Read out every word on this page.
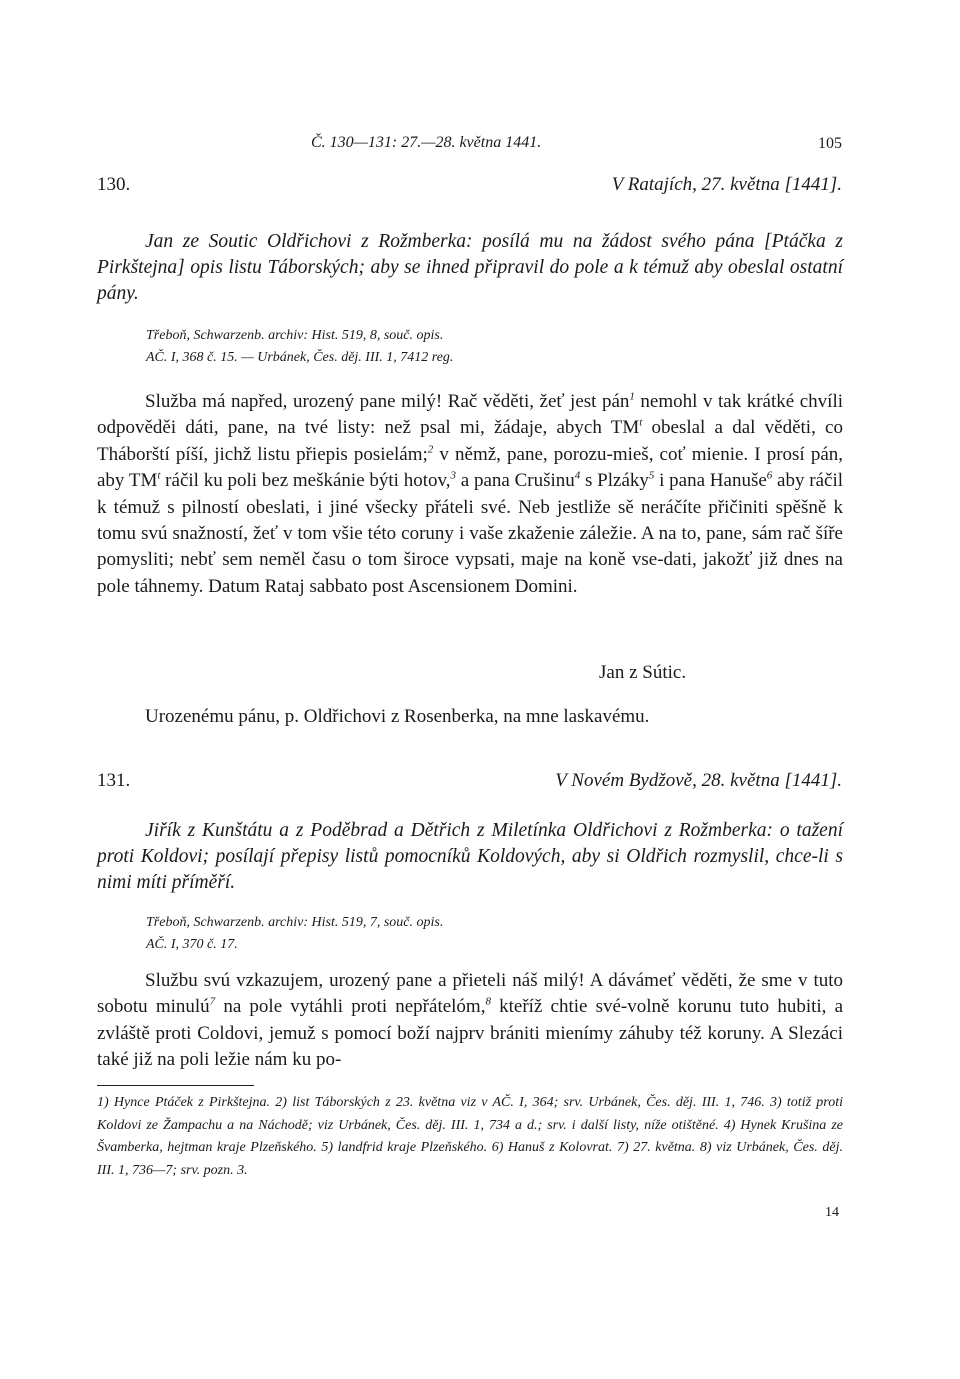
Č. 130—131: 27.—28. května 1441.	105
130.	V Ratajích, 27. května [1441].

Jan ze Soutic Oldřichovi z Rožmberka: posílá mu na žádost svého pána [Ptáčka z Pirkštejna] opis listu Táborských; aby se ihned připravil do pole a k témuž aby obeslal ostatní pány.

Třeboň, Schwarzenb. archiv: Hist. 519, 8, souč. opis.
AČ. I, 368 č. 15. — Urbánek, Čes. děj. III. 1, 7412 reg.

Služba má napřed, urozený pane milý! Rač věděti, žeť jest pán$^1$ nemohl v tak krátké chvíli odpověděi dáti, pane, na tvé listy: než psal mi, žádaje, abych $TM^t$ obeslal a dal věděti, co Tháborští píší, jichž listu přiepis posielám;$^2$ v němž, pane, porozu-mieš, coť mienie. I prosí pán, aby $TM^t$ ráčil ku poli bez meškánie býti hotov,$^3$ a pana Crušinu$^4$ s Plzáky$^5$ i pana Hanuše$^6$ aby ráčil k témuž s pilností obeslati, i jiné všecky přáteli své. Neb jestliže sě neráčíte přičiniti spěšně k tomu svú snažností, žeť v tom všie této coruny i vaše zkaženie záležie. A na to, pane, sám rač šíře pomysliti; nebť sem neměl času o tom široce vypsati, maje na koně vse-dati, jakožť již dnes na pole táhnemy. Datum Rataj sabbato post Ascensionem Domini.

Jan z Sútic.
Urozenému pánu, p. Oldřichovi z Rosenberka, na mne laskavému.
131.	V Novém Bydžově, 28. května [1441].

Jiřík z Kunštátu a z Poděbrad a Dětřich z Miletínka Oldřichovi z Rožmberka: o tažení proti Koldovi; posílají přepisy listů pomocníků Koldových, aby si Oldřich rozmyslil, chce-li s nimi míti příměří.

Třeboň, Schwarzenb. archiv: Hist. 519, 7, souč. opis.
AČ. I, 370 č. 17.

Službu svú vzkazujem, urozený pane a přieteli náš milý! A dávámeť věděti, že sme v tuto sobotu minulú$^7$ na pole vytáhli proti nepřátelóm,$^8$ kteříž chtie své-volně korunu tuto hubiti, a zvláště proti Coldovi, jemuž s pomocí boží najprv brániti mienímy záhuby též koruny. A Slezáci také již na poli ležie nám ku po-

1) Hynce Ptáček z Pirkštejna. 2) list Táborských z 23. května viz v AČ. I, 364; srv. Urbánek, Čes. děj. III. 1, 746. 3) totiž proti Koldovi ze Žampachu a na Náchodě; viz Urbánek, Čes. děj. III. 1, 734 a d.; srv. i další listy, níže otištěné. 4) Hynek Krušina ze Švamberka, hejtman kraje Plzeňského. 5) landfrid kraje Plzeňského. 6) Hanuš z Kolovrat. 7) 27. května. 8) viz Urbánek, Čes. děj. III. 1, 736—7; srv. pozn. 3.

14
